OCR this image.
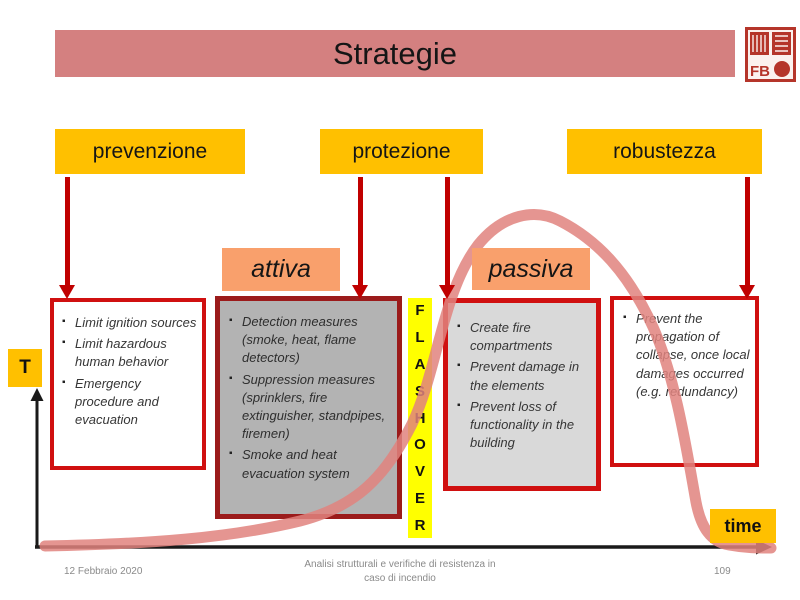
Strategie
FB
prevenzione	protezione	robustezza
attiva	passiva
▪ Limit ignition sources
▪ Limit hazardous human behavior
▪ Emergency procedure and evacuation
▪ Detection measures (smoke, heat, flame detectors)
▪ Suppression measures (sprinklers, fire extinguisher, standpipes, firemen)
▪ Smoke and heat evacuation system
▪ Create fire compartments
▪ Prevent damage in the elements
▪ Prevent loss of functionality in the building
▪ Prevent the propagation of collapse, once local damages occurred (e.g. redundancy)
F
L
A
S
H
O
V
E
R
T
time
12 Febbraio 2020
Analisi strutturali e verifiche di resistenza in
caso di incendio
109
